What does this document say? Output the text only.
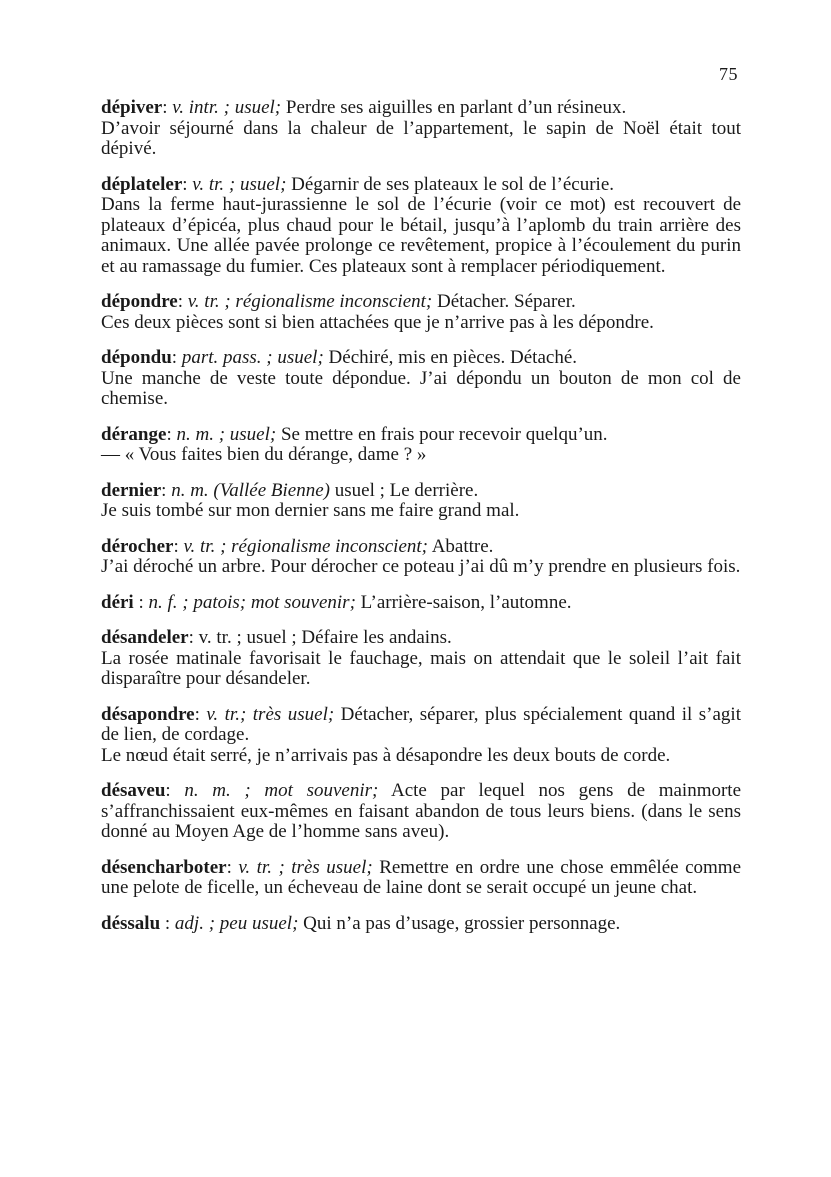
75

dépiver: v. intr. ; usuel; Perdre ses aiguilles en parlant d’un résineux.

D’avoir séjourné dans la chaleur de l’appartement, le sapin de Noël était tout dépivé.

déplateler: v. tr. ; usuel; Dégarnir de ses plateaux le sol de l’écurie.

Dans la ferme haut-jurassienne le sol de l’écurie (voir ce mot) est recouvert de plateaux d’épicéa, plus chaud pour le bétail, jusqu’à l’aplomb du train arrière des animaux. Une allée pavée prolonge ce revêtement, propice à l’écoulement du purin et au ramassage du fumier. Ces plateaux sont à remplacer périodiquement.

dépondre: v. tr. ; régionalisme inconscient; Détacher. Séparer.

Ces deux pièces sont si bien attachées que je n’arrive pas à les dépondre.

dépondu: part. pass. ; usuel; Déchiré, mis en pièces. Détaché.

Une manche de veste toute dépondue. J’ai dépondu un bouton de mon col de chemise.

dérange: n. m. ; usuel; Se mettre en frais pour recevoir quelqu’un.

— « Vous faites bien du dérange, dame ? »

dernier: n. m. (Vallée Bienne) usuel ; Le derrière.

Je suis tombé sur mon dernier sans me faire grand mal.

dérocher: v. tr. ; régionalisme inconscient; Abattre.

J’ai déroché un arbre. Pour dérocher ce poteau j’ai dû m’y prendre en plusieurs fois.

déri : n. f. ; patois; mot souvenir; L’arrière-saison, l’automne.

désandeler: v. tr. ; usuel ; Défaire les andains.

La rosée matinale favorisait le fauchage, mais on attendait que le soleil l’ait fait disparaître pour désandeler.

désapondre: v. tr.; très usuel; Détacher, séparer, plus spécialement quand il s’agit de lien, de cordage.

Le nœud était serré, je n’arrivais pas à désapondre les deux bouts de corde.

désaveu: n. m. ; mot souvenir; Acte par lequel nos gens de mainmorte s’affranchissaient eux-mêmes en faisant abandon de tous leurs biens. (dans le sens donné au Moyen Age de l’homme sans aveu).

désencharboter: v. tr. ; très usuel; Remettre en ordre une chose emmêlée comme une pelote de ficelle, un écheveau de laine dont se serait occupé un jeune chat.

déssalu : adj. ; peu usuel; Qui n’a pas d’usage, grossier personnage.
